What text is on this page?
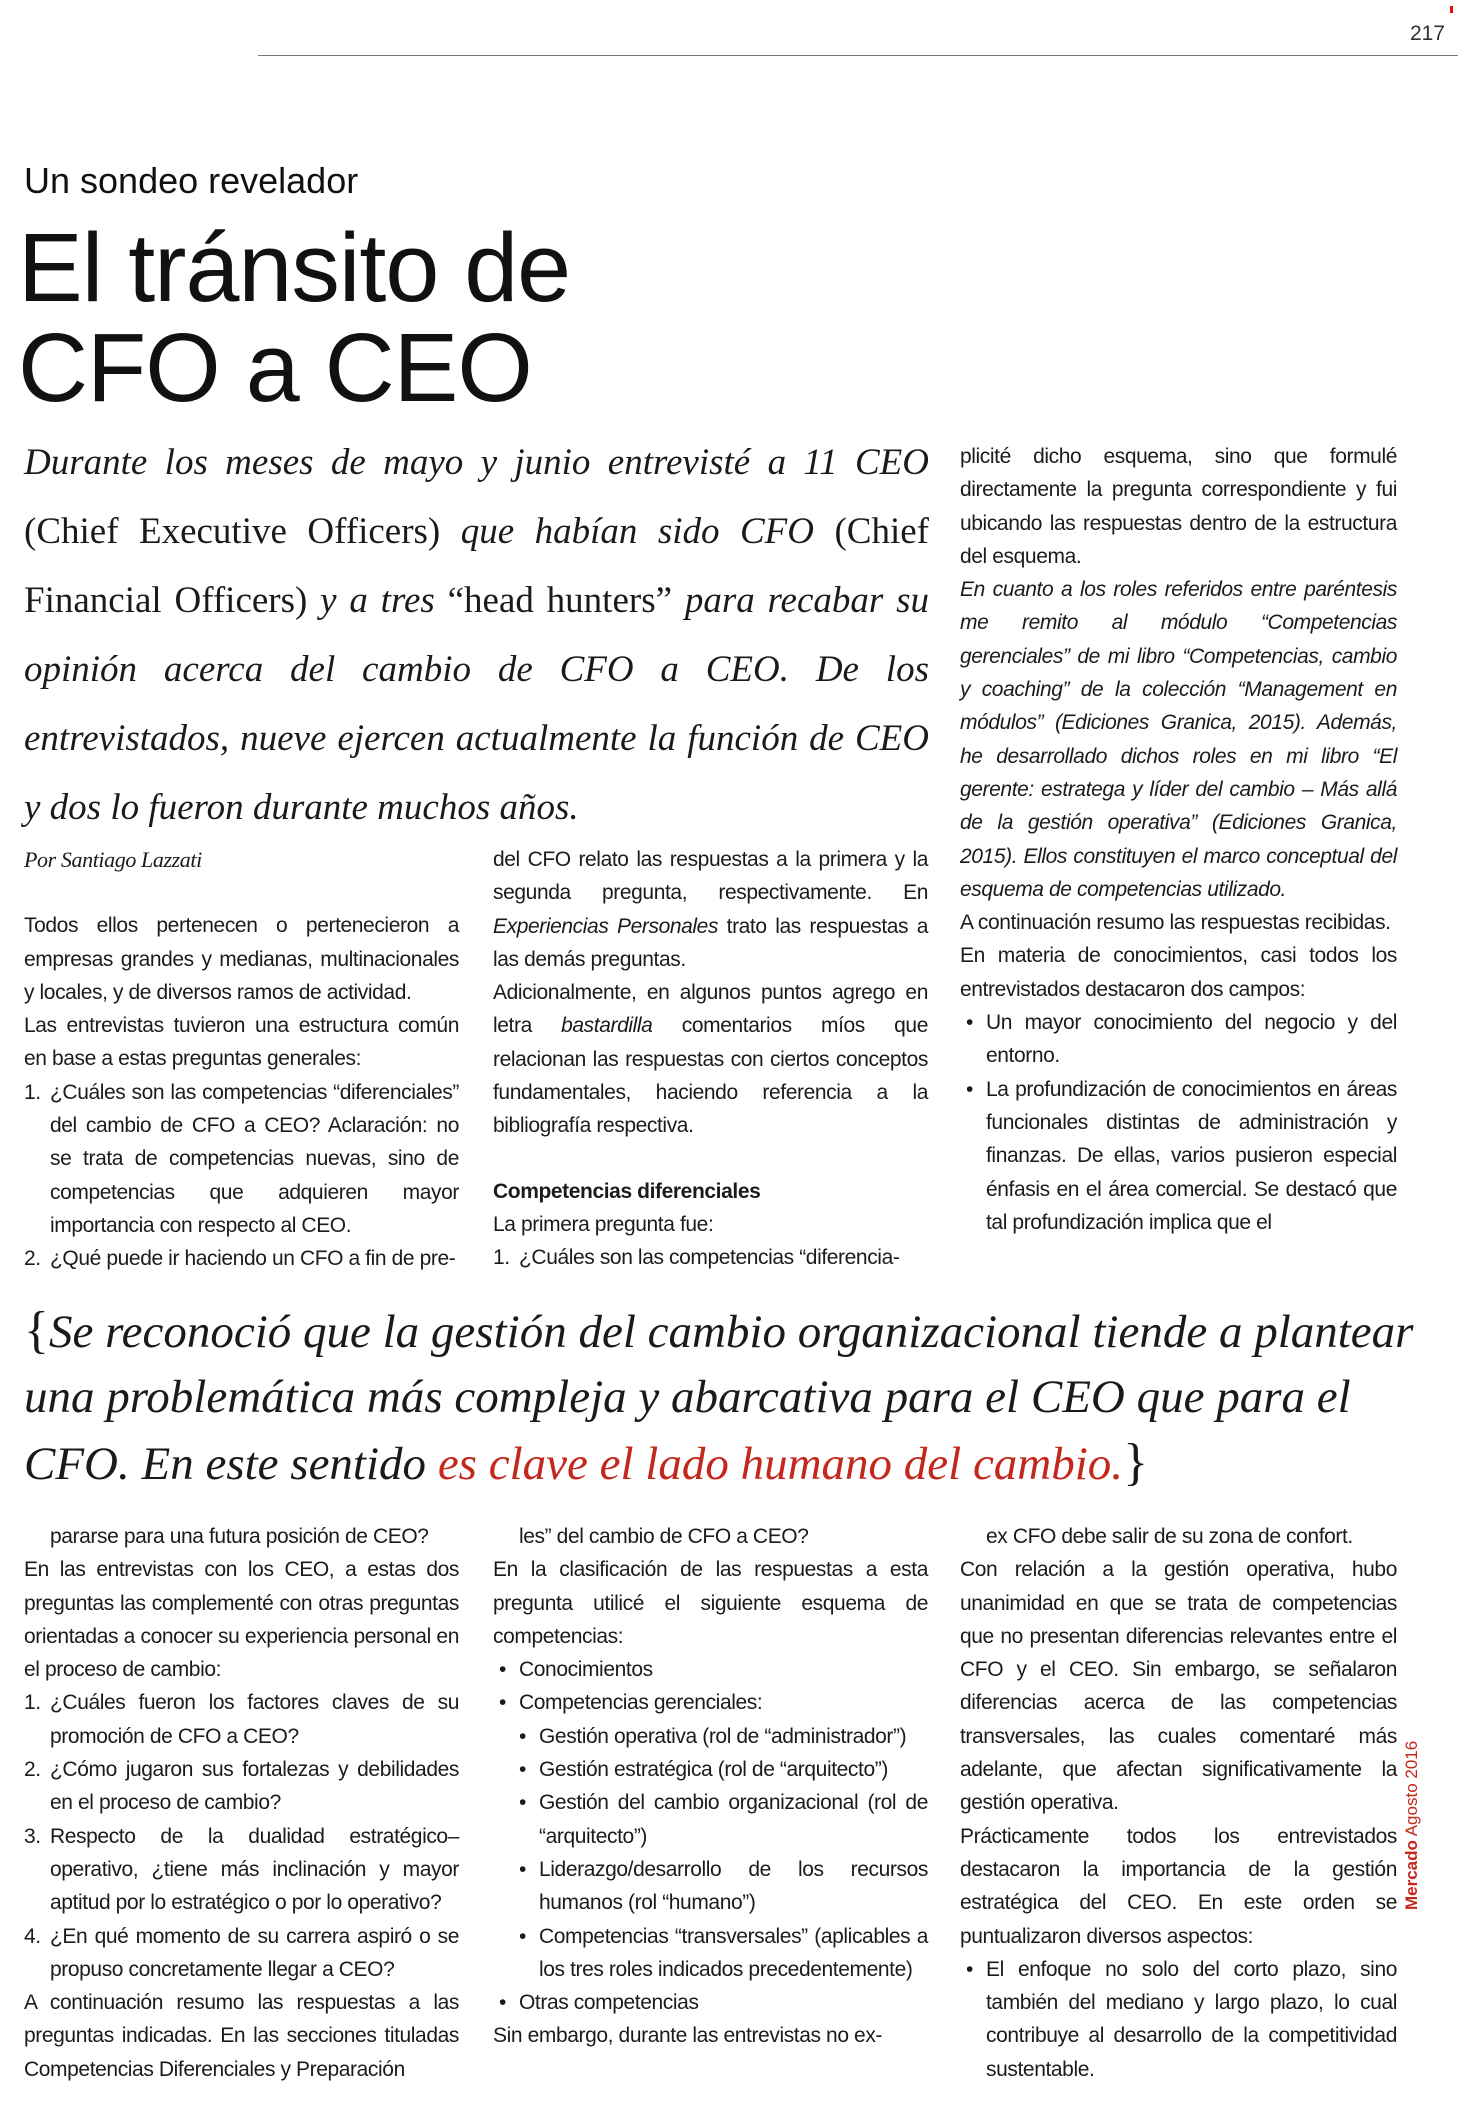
217
Un sondeo revelador
El tránsito de
CFO a CEO
Durante los meses de mayo y junio entrevisté a 11 CEO (Chief Executive Officers) que habían sido CFO (Chief Financial Officers) y a tres “head hunters” para recabar su opinión acerca del cambio de CFO a CEO. De los entrevistados, nueve ejercen actualmente la función de CEO y dos lo fueron durante muchos años.

Por Santiago Lazzati

Todos ellos pertenecen o pertenecieron a empresas grandes y medianas, multinacionales y locales, y de diversos ramos de actividad.

Las entrevistas tuvieron una estructura común en base a estas preguntas generales:

1. ¿Cuáles son las competencias “diferenciales” del cambio de CFO a CEO? Aclaración: no se trata de competencias nuevas, sino de competencias que adquieren mayor importancia con respecto al CEO.
2. ¿Qué puede ir haciendo un CFO a fin de pre-

del CFO relato las respuestas a la primera y la segunda pregunta, respectivamente. En Experiencias Personales trato las respuestas a las demás preguntas.

Adicionalmente, en algunos puntos agrego en letra bastardilla comentarios míos que relacionan las respuestas con ciertos conceptos fundamentales, haciendo referencia a la bibliografía respectiva.

Competencias diferenciales

La primera pregunta fue:

1. ¿Cuáles son las competencias “diferencia-

plicité dicho esquema, sino que formulé directamente la pregunta correspondiente y fui ubicando las respuestas dentro de la estructura del esquema.

En cuanto a los roles referidos entre paréntesis me remito al módulo “Competencias gerenciales” de mi libro “Competencias, cambio y coaching” de la colección “Management en módulos” (Ediciones Granica, 2015). Además, he desarrollado dichos roles en mi libro “El gerente: estratega y líder del cambio – Más allá de la gestión operativa” (Ediciones Granica, 2015). Ellos constituyen el marco conceptual del esquema de competencias utilizado.

A continuación resumo las respuestas recibidas.

En materia de conocimientos, casi todos los entrevistados destacaron dos campos:

• Un mayor conocimiento del negocio y del entorno.
• La profundización de conocimientos en áreas funcionales distintas de administración y finanzas. De ellas, varios pusieron especial énfasis en el área comercial. Se destacó que tal profundización implica que el
{Se reconoció que la gestión del cambio organizacional tiende a plantear una problemática más compleja y abarcativa para el CEO que para el CFO. En este sentido es clave el lado humano del cambio.}

pararse para una futura posición de CEO?

En las entrevistas con los CEO, a estas dos preguntas las complementé con otras preguntas orientadas a conocer su experiencia personal en el proceso de cambio:

1. ¿Cuáles fueron los factores claves de su promoción de CFO a CEO?
2. ¿Cómo jugaron sus fortalezas y debilidades en el proceso de cambio?
3. Respecto de la dualidad estratégico–operativo, ¿tiene más inclinación y mayor aptitud por lo estratégico o por lo operativo?
4. ¿En qué momento de su carrera aspiró o se propuso concretamente llegar a CEO?

A continuación resumo las respuestas a las preguntas indicadas. En las secciones tituladas Competencias Diferenciales y Preparación

les” del cambio de CFO a CEO?

En la clasificación de las respuestas a esta pregunta utilicé el siguiente esquema de competencias:

• Conocimientos
• Competencias gerenciales:
• Gestión operativa (rol de “administrador”)
• Gestión estratégica (rol de “arquitecto”)
• Gestión del cambio organizacional (rol de “arquitecto”)
• Liderazgo/desarrollo de los recursos humanos (rol “humano”)
• Competencias “transversales” (aplicables a los tres roles indicados precedentemente)
• Otras competencias

Sin embargo, durante las entrevistas no ex-

ex CFO debe salir de su zona de confort.

Con relación a la gestión operativa, hubo unanimidad en que se trata de competencias que no presentan diferencias relevantes entre el CFO y el CEO. Sin embargo, se señalaron diferencias acerca de las competencias transversales, las cuales comentaré más adelante, que afectan significativamente la gestión operativa.

Prácticamente todos los entrevistados destacaron la importancia de la gestión estratégica del CEO. En este orden se puntualizaron diversos aspectos:

• El enfoque no solo del corto plazo, sino también del mediano y largo plazo, lo cual contribuye al desarrollo de la competitividad sustentable.
Mercado Agosto 2016
